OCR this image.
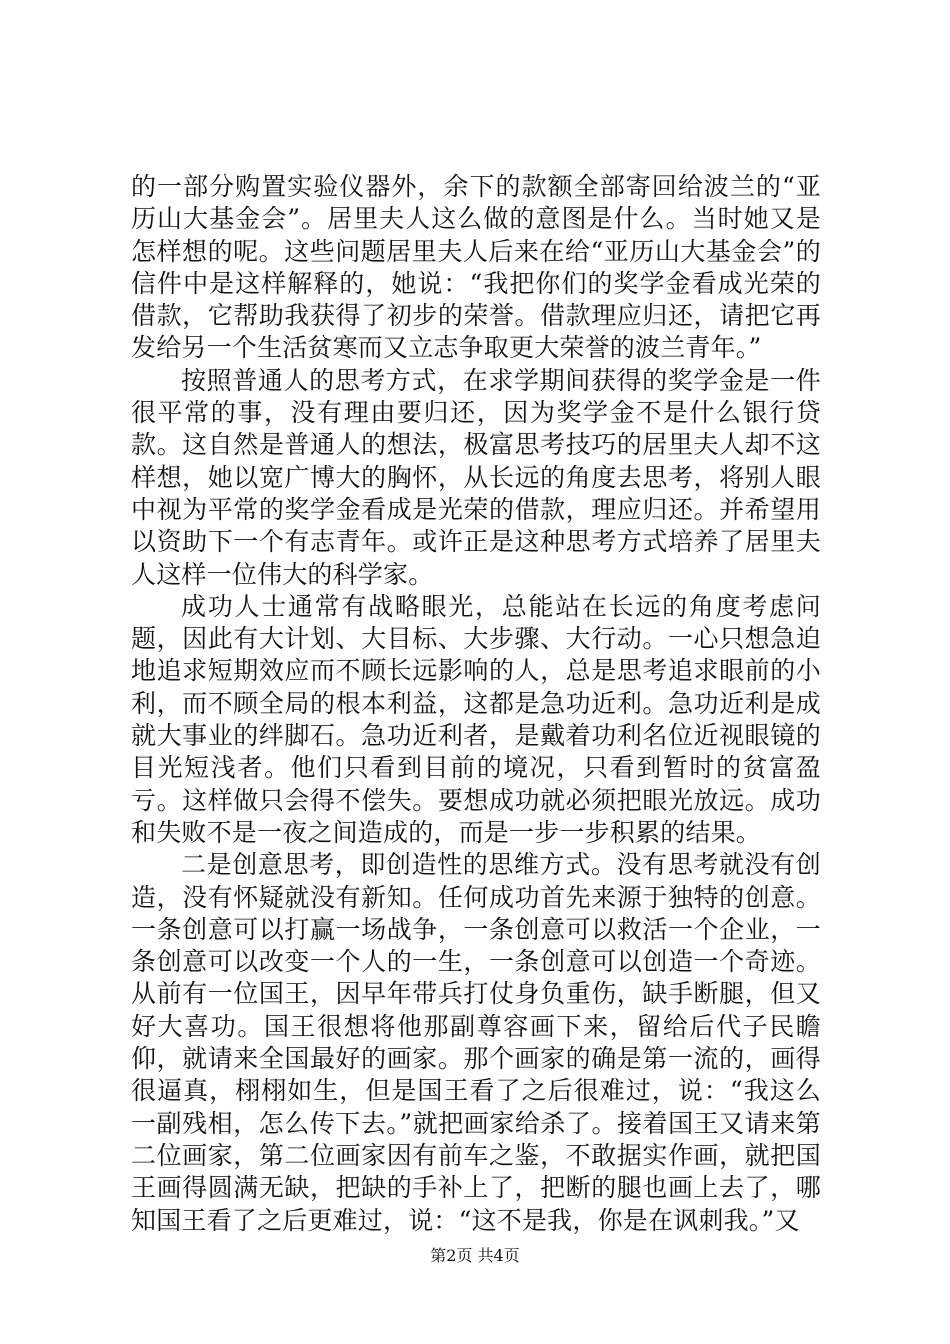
的一部分购置实验仪器外，余下的款额全部寄回给波兰的“亚历山大基金会”。居里夫人这么做的意图是什么。当时她又是怎样想的呢。这些问题居里夫人后来在给“亚历山大基金会”的信件中是这样解释的，她说：“我把你们的奖学金看成光荣的借款，它帮助我获得了初步的荣誉。借款理应归还，请把它再发给另一个生活贫寒而又立志争取更大荣誉的波兰青年。”

按照普通人的思考方式，在求学期间获得的奖学金是一件很平常的事，没有理由要归还，因为奖学金不是什么银行贷款。这自然是普通人的想法，极富思考技巧的居里夫人却不这样想，她以宽广博大的胸怀，从长远的角度去思考，将别人眼中视为平常的奖学金看成是光荣的借款，理应归还。并希望用以资助下一个有志青年。或许正是这种思考方式培养了居里夫人这样一位伟大的科学家。

成功人士通常有战略眼光，总能站在长远的角度考虑问题，因此有大计划、大目标、大步骤、大行动。一心只想急迫地追求短期效应而不顾长远影响的人，总是思考追求眼前的小利，而不顾全局的根本利益，这都是急功近利。急功近利是成就大事业的绊脚石。急功近利者，是戴着功利名位近视眼镜的目光短浅者。他们只看到目前的境况，只看到暂时的贫富盈亏。这样做只会得不偿失。要想成功就必须把眼光放远。成功和失败不是一夜之间造成的，而是一步一步积累的结果。

二是创意思考，即创造性的思维方式。没有思考就没有创造，没有怀疑就没有新知。任何成功首先来源于独特的创意。一条创意可以打赢一场战争，一条创意可以救活一个企业，一条创意可以改变一个人的一生，一条创意可以创造一个奇迹。从前有一位国王，因早年带兵打仗身负重伤，缺手断腿，但又好大喜功。国王很想将他那副尊容画下来，留给后代子民瞻仰，就请来全国最好的画家。那个画家的确是第一流的，画得很逼真，栩栩如生，但是国王看了之后很难过，说：“我这么一副残相，怎么传下去。”就把画家给杀了。接着国王又请来第二位画家，第二位画家因有前车之鉴，不敢据实作画，就把国王画得圆满无缺，把缺的手补上了，把断的腿也画上去了，哪知国王看了之后更难过，说：“这不是我，你是在讽刺我。”又

第2页 共4页
